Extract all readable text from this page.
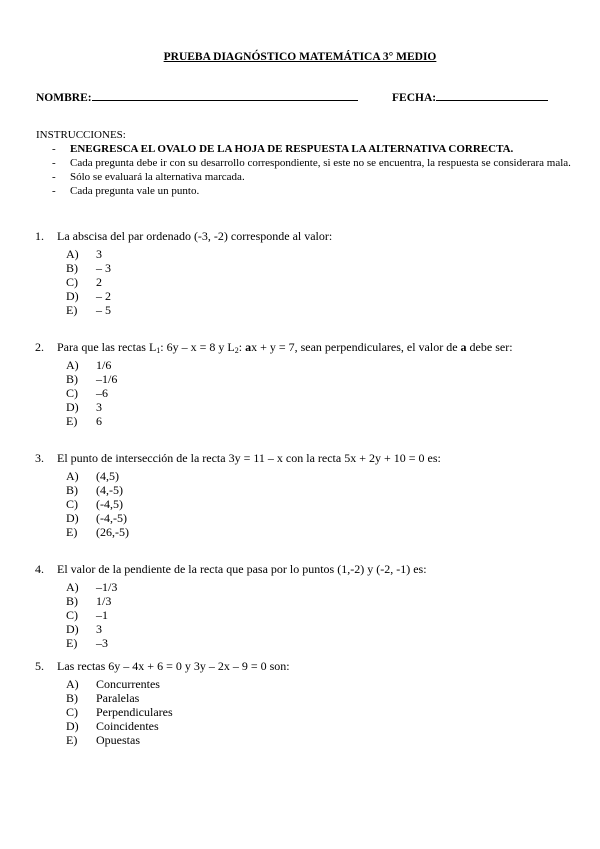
PRUEBA DIAGNÓSTICO MATEMÁTICA 3° MEDIO
NOMBRE:	FECHA:
INSTRUCCIONES:
- ENEGRESCA EL OVALO DE LA HOJA DE RESPUESTA LA ALTERNATIVA CORRECTA.
- Cada pregunta debe ir con su desarrollo correspondiente, si este no se encuentra, la respuesta se considerara mala.
- Sólo se evaluará la alternativa marcada.
- Cada pregunta vale un punto.
1. La abscisa del par ordenado (-3, -2) corresponde al valor:
A) 3
B) – 3
C) 2
D) – 2
E) – 5
2. Para que las rectas $L_1$: 6y – x = 8 y $L_2$: ax + y = 7, sean perpendiculares, el valor de a debe ser:
A) 1/6
B) –1/6
C) –6
D) 3
E) 6
3. El punto de intersección de la recta 3y = 11 – x con la recta 5x + 2y + 10 = 0 es:
A) (4,5)
B) (4,-5)
C) (-4,5)
D) (-4,-5)
E) (26,-5)
4. El valor de la pendiente de la recta que pasa por lo puntos (1,-2) y (-2, -1) es:
A) –1/3
B) 1/3
C) –1
D) 3
E) –3
5. Las rectas 6y – 4x + 6 = 0 y 3y – 2x – 9 = 0 son:
A) Concurrentes
B) Paralelas
C) Perpendiculares
D) Coincidentes
E) Opuestas
